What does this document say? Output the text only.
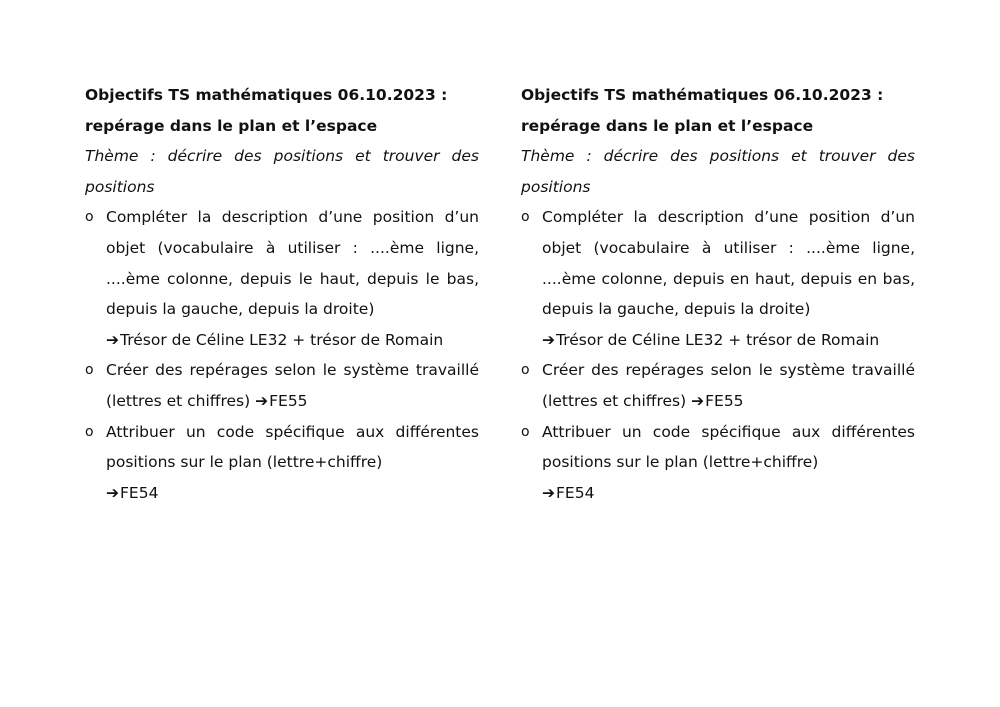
Objectifs TS mathématiques 06.10.2023 :
repérage dans le plan et l’espace

Thème : décrire des positions et trouver des positions

o Compléter la description d’une position d’un objet (vocabulaire à utiliser : ....ème ligne, ....ème colonne, depuis le haut, depuis le bas, depuis la gauche, depuis la droite)
➔Trésor de Céline LE32 + trésor de Romain
o Créer des repérages selon le système travaillé (lettres et chiffres) ➔FE55
o Attribuer un code spécifique aux différentes positions sur le plan (lettre+chiffre)
➔FE54
Objectifs TS mathématiques 06.10.2023 :
repérage dans le plan et l’espace

Thème : décrire des positions et trouver des positions

o Compléter la description d’une position d’un objet (vocabulaire à utiliser : ....ème ligne, ....ème colonne, depuis en haut, depuis en bas, depuis la gauche, depuis la droite)
➔Trésor de Céline LE32 + trésor de Romain
o Créer des repérages selon le système travaillé (lettres et chiffres) ➔FE55
o Attribuer un code spécifique aux différentes positions sur le plan (lettre+chiffre)
➔FE54
